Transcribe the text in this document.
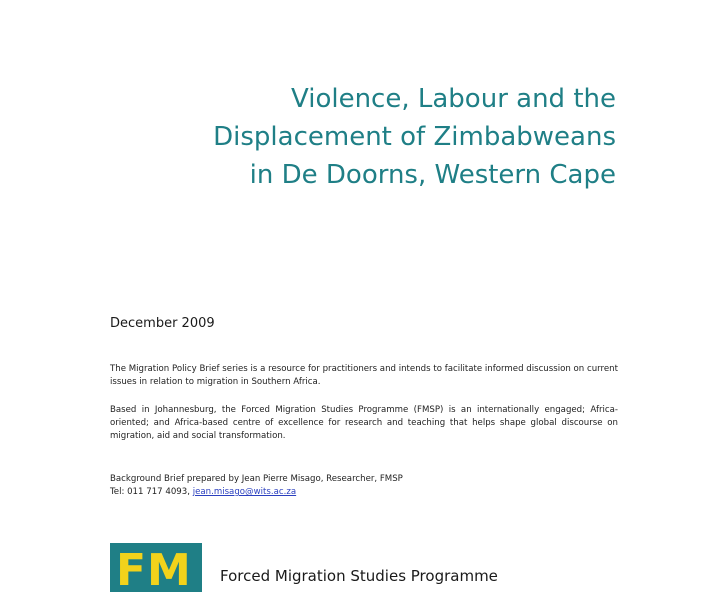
Violence, Labour and the
Displacement of Zimbabweans
in De Doorns, Western Cape
December 2009
The Migration Policy Brief series is a resource for practitioners and intends to facilitate informed discussion on current issues in relation to migration in Southern Africa.
Based in Johannesburg, the Forced Migration Studies Programme (FMSP) is an internationally engaged; Africa-oriented; and Africa-based centre of excellence for research and teaching that helps shape global discourse on migration, aid and social transformation.
Background Brief prepared by Jean Pierre Misago, Researcher, FMSP
Tel: 011 717 4093, jean.misago@wits.ac.za
FM Forced Migration Studies Programme
